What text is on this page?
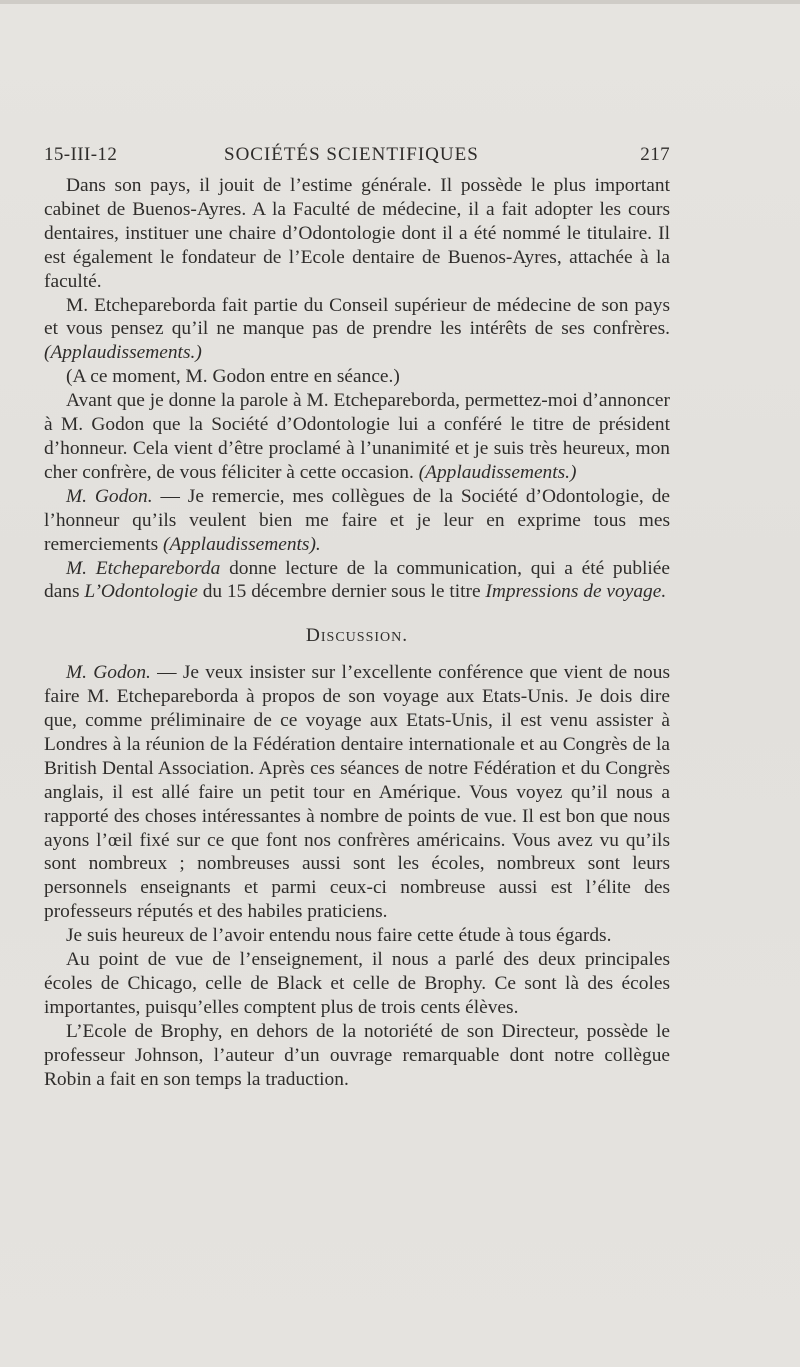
15-III-12	SOCIÉTÉS SCIENTIFIQUES	217

Dans son pays, il jouit de l’estime générale. Il possède le plus important cabinet de Buenos-Ayres. A la Faculté de médecine, il a fait adopter les cours dentaires, instituer une chaire d’Odontologie dont il a été nommé le titulaire. Il est également le fondateur de l’Ecole dentaire de Buenos-Ayres, attachée à la faculté.

M. Etchepareborda fait partie du Conseil supérieur de médecine de son pays et vous pensez qu’il ne manque pas de prendre les intérêts de ses confrères. (Applaudissements.)

(A ce moment, M. Godon entre en séance.)

Avant que je donne la parole à M. Etchepareborda, permettez-moi d’annoncer à M. Godon que la Société d’Odontologie lui a conféré le titre de président d’honneur. Cela vient d’être proclamé à l’unanimité et je suis très heureux, mon cher confrère, de vous féliciter à cette occasion. (Applaudissements.)

M. Godon. — Je remercie, mes collègues de la Société d’Odontologie, de l’honneur qu’ils veulent bien me faire et je leur en exprime tous mes remerciements (Applaudissements).

M. Etchepareborda donne lecture de la communication, qui a été publiée dans L’Odontologie du 15 décembre dernier sous le titre Impressions de voyage.

Discussion.

M. Godon. — Je veux insister sur l’excellente conférence que vient de nous faire M. Etchepareborda à propos de son voyage aux Etats-Unis. Je dois dire que, comme préliminaire de ce voyage aux Etats-Unis, il est venu assister à Londres à la réunion de la Fédération dentaire internationale et au Congrès de la British Dental Association. Après ces séances de notre Fédération et du Congrès anglais, il est allé faire un petit tour en Amérique. Vous voyez qu’il nous a rapporté des choses intéressantes à nombre de points de vue. Il est bon que nous ayons l’œil fixé sur ce que font nos confrères américains. Vous avez vu qu’ils sont nombreux ; nombreuses aussi sont les écoles, nombreux sont leurs personnels enseignants et parmi ceux-ci nombreuse aussi est l’élite des professeurs réputés et des habiles praticiens.

Je suis heureux de l’avoir entendu nous faire cette étude à tous égards.

Au point de vue de l’enseignement, il nous a parlé des deux principales écoles de Chicago, celle de Black et celle de Brophy. Ce sont là des écoles importantes, puisqu’elles comptent plus de trois cents élèves.

L’Ecole de Brophy, en dehors de la notoriété de son Directeur, possède le professeur Johnson, l’auteur d’un ouvrage remarquable dont notre collègue Robin a fait en son temps la traduction.
